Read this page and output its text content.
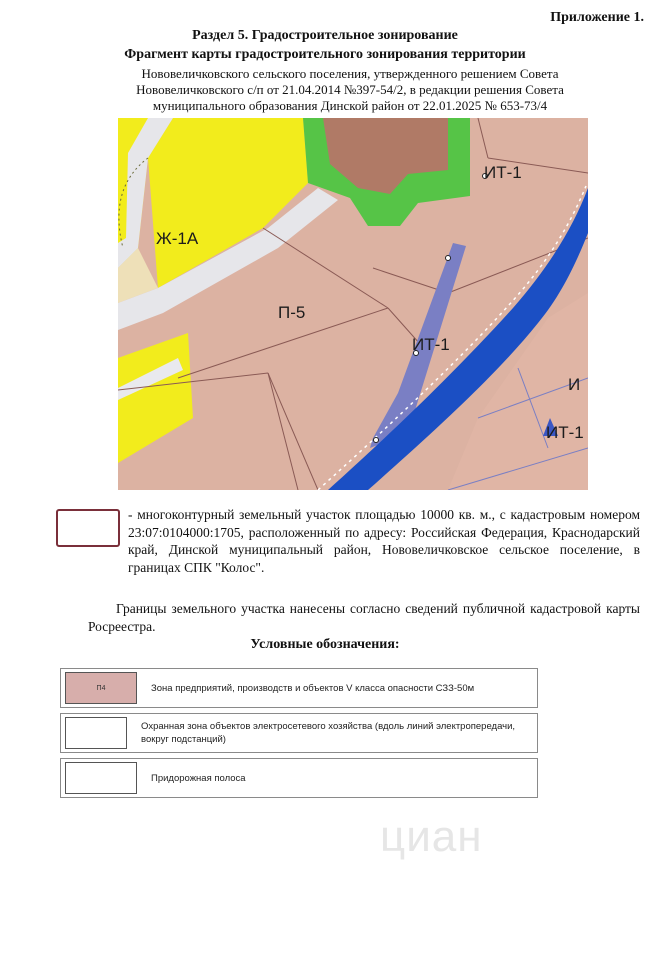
Приложение 1.
Раздел 5. Градостроительное зонирование
Фрагмент карты градостроительного зонирования территории
Нововеличковского сельского поселения, утвержденного решением Совета Нововеличковского с/п от 21.04.2014 №397-54/2, в редакции решения Совета муниципального образования Динской район от 22.01.2025 № 653-73/4
Ж-1А
П-5
ИТ-1
ИТ-1
ИТ-1
И
- многоконтурный земельный участок площадью 10000 кв. м., с кадастровым номером 23:07:0104000:1705, расположенный по адресу: Российская Федерация, Краснодарский край, Динской муниципальный район, Нововеличковское сельское поселение, в границах СПК "Колос".
Границы земельного участка нанесены согласно сведений публичной кадастровой карты Росреестра.
Условные обозначения:
П4	Зона предприятий, производств и объектов V класса опасности СЗЗ-50м
Охранная зона объектов электросетевого хозяйства (вдоль линий электропередачи, вокруг подстанций)
Придорожная полоса
циан
